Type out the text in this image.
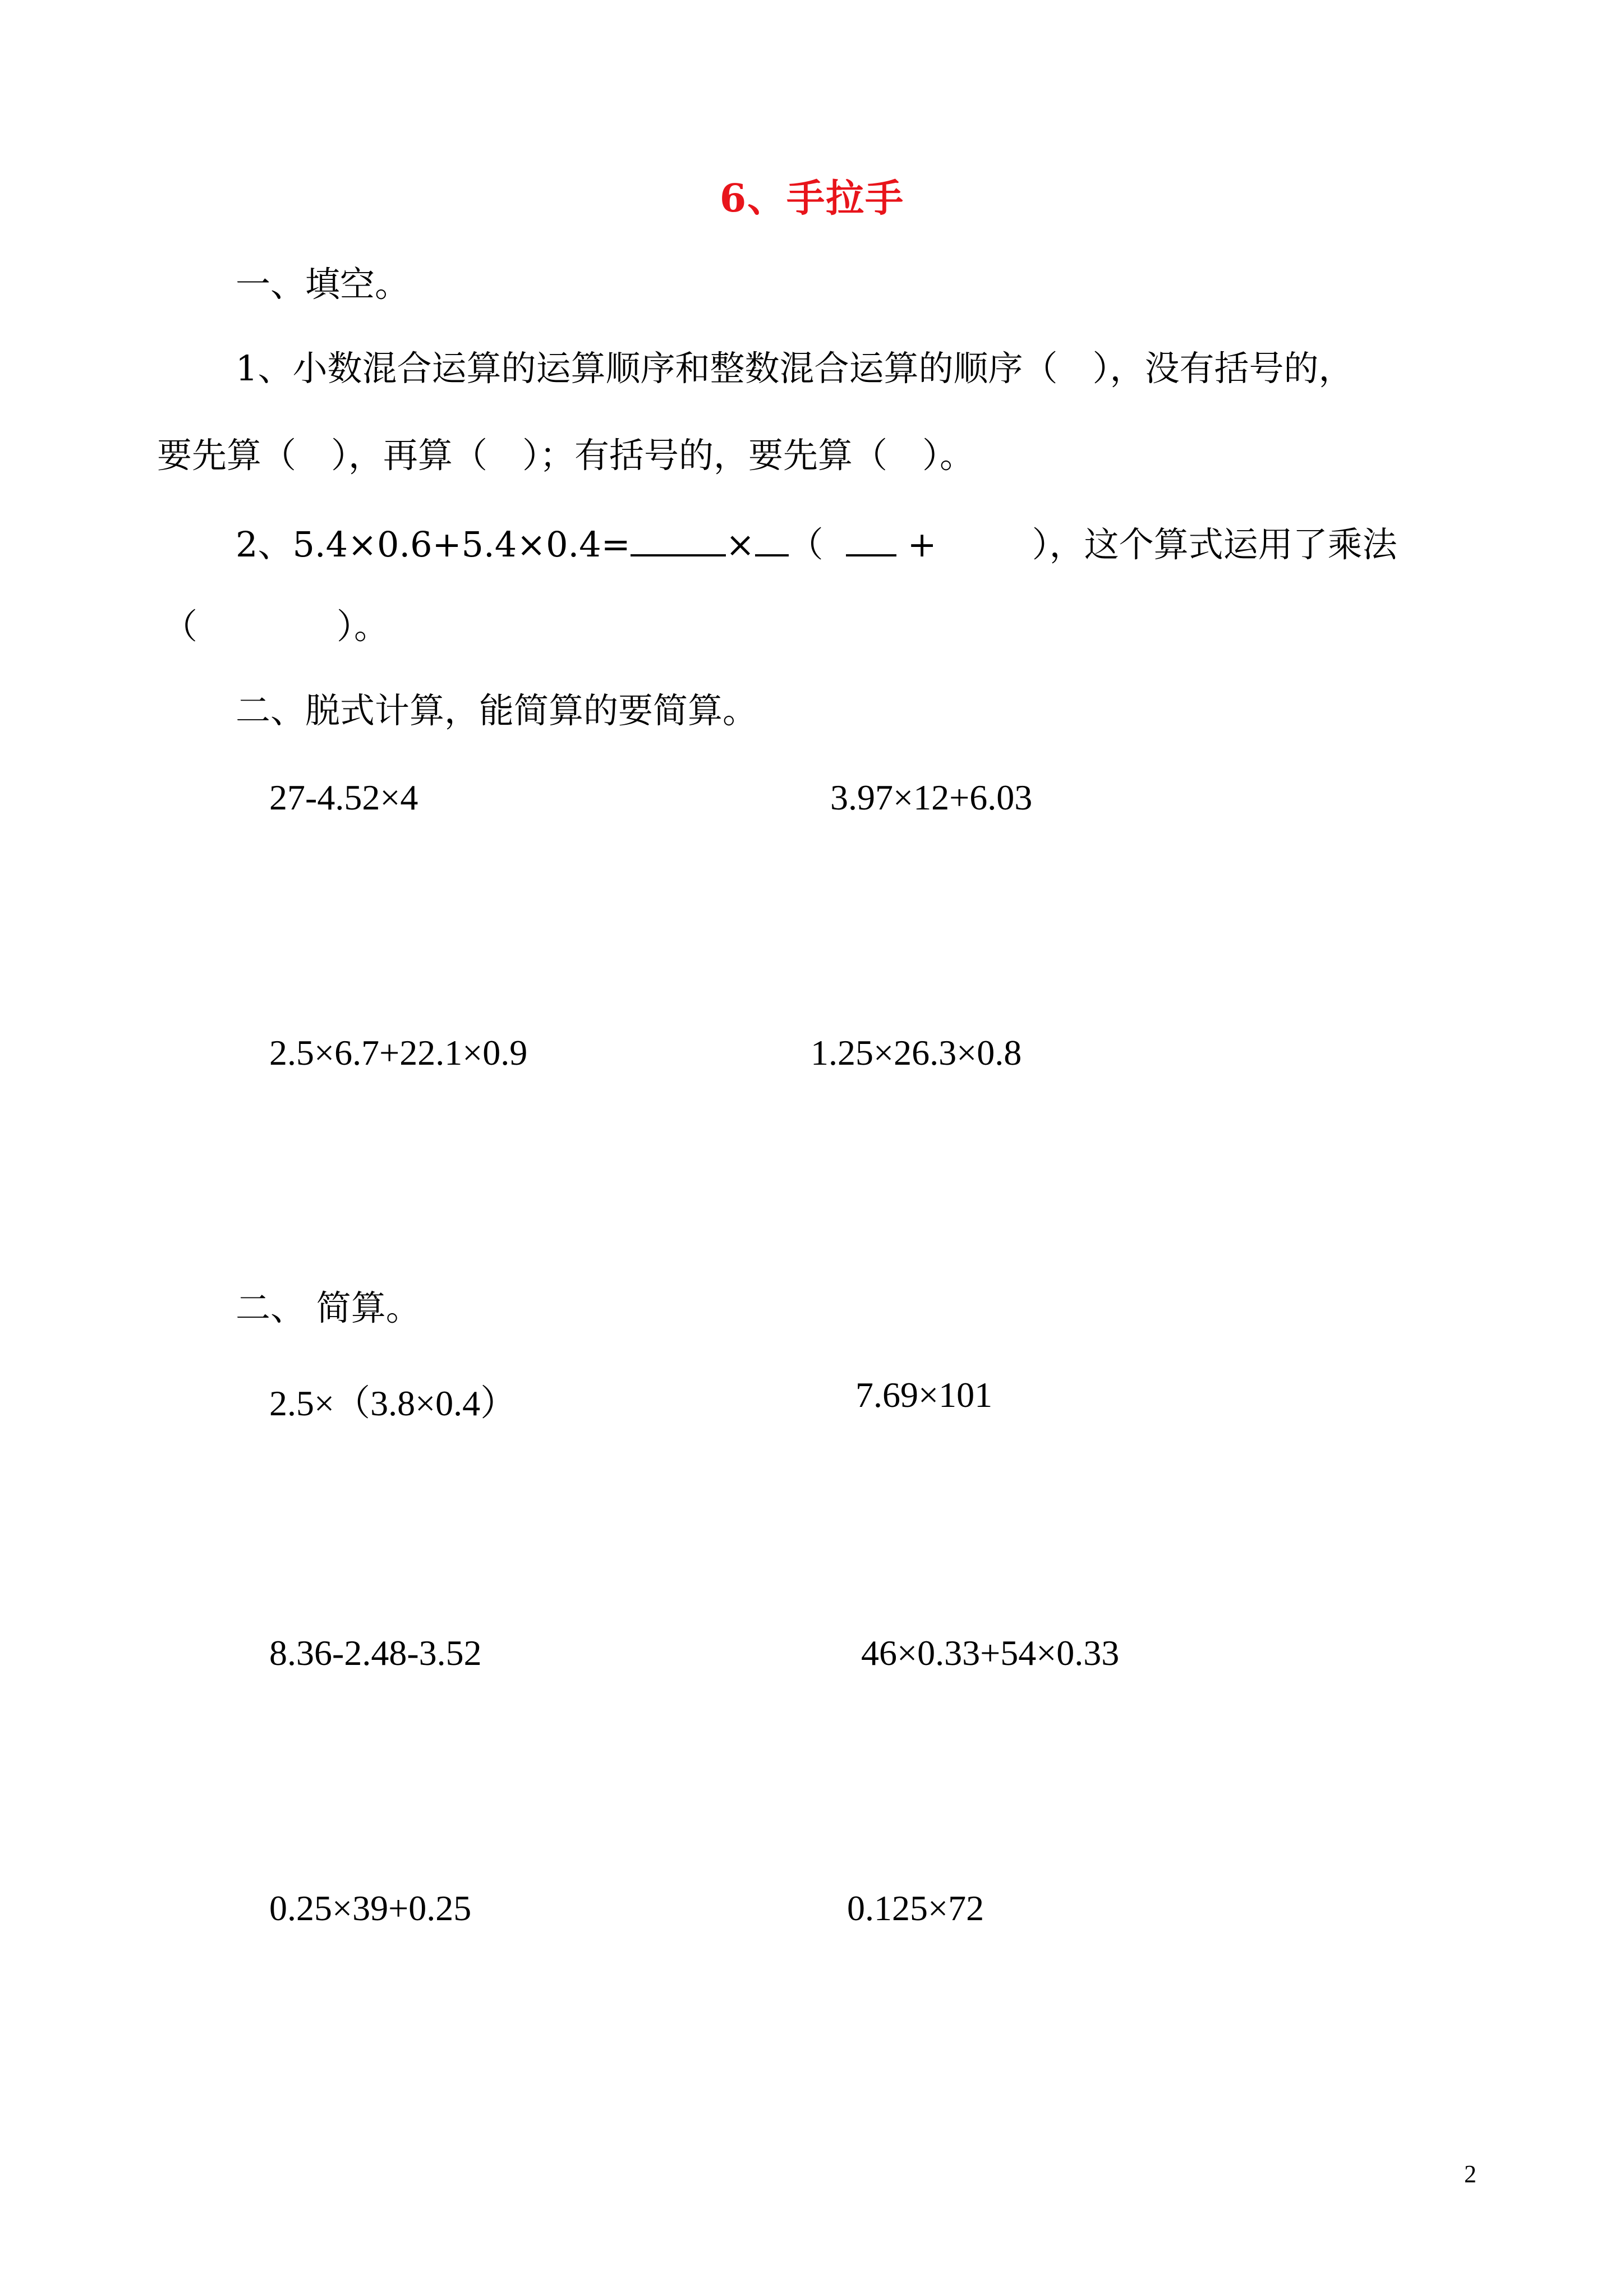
6、手拉手
一、填空。
1、小数混合运算的运算顺序和整数混合运算的顺序（　），没有括号的，
要先算（　），再算（　）；有括号的，要先算（　）。
2、5.4×0.6+5.4×0.4=	× （ +	），这个算式运用了乘法
（　　　　）。
二、脱式计算，能简算的要简算。
27-4.52×4	3.97×12+6.03
2.5×6.7+22.1×0.9	1.25×26.3×0.8
二、 简算。
2.5×（3.8×0.4）	7.69×101
8.36-2.48-3.52	46×0.33+54×0.33
0.25×39+0.25	0.125×72
2
